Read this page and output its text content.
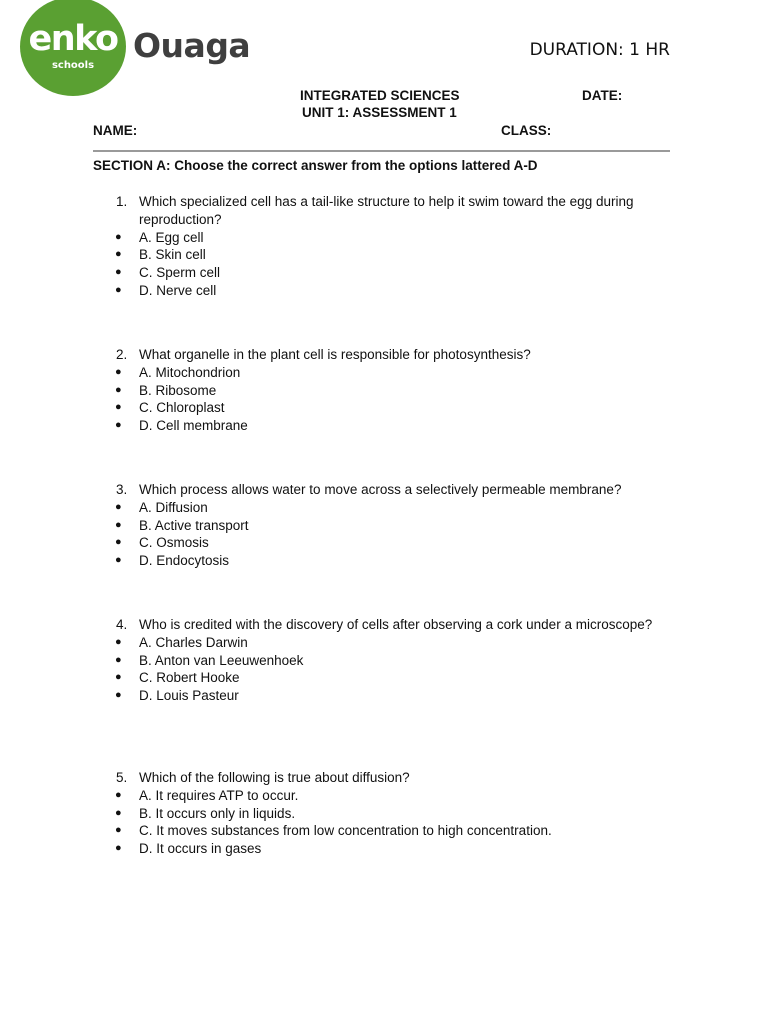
enko
schools
Ouaga	DURATION: 1 HR
INTEGRATED SCIENCES
UNIT 1: ASSESSMENT 1
DATE:
NAME:	CLASS:
SECTION A: Choose the correct answer from the options lattered A-D
1. Which specialized cell has a tail-like structure to help it swim toward the egg during reproduction?
● A. Egg cell
● B. Skin cell
● C. Sperm cell
● D. Nerve cell
2. What organelle in the plant cell is responsible for photosynthesis?
● A. Mitochondrion
● B. Ribosome
● C. Chloroplast
● D. Cell membrane
3. Which process allows water to move across a selectively permeable membrane?
● A. Diffusion
● B. Active transport
● C. Osmosis
● D. Endocytosis
4. Who is credited with the discovery of cells after observing a cork under a microscope?
● A. Charles Darwin
● B. Anton van Leeuwenhoek
● C. Robert Hooke
● D. Louis Pasteur
5. Which of the following is true about diffusion?
● A. It requires ATP to occur.
● B. It occurs only in liquids.
● C. It moves substances from low concentration to high concentration.
● D. It occurs in gases
